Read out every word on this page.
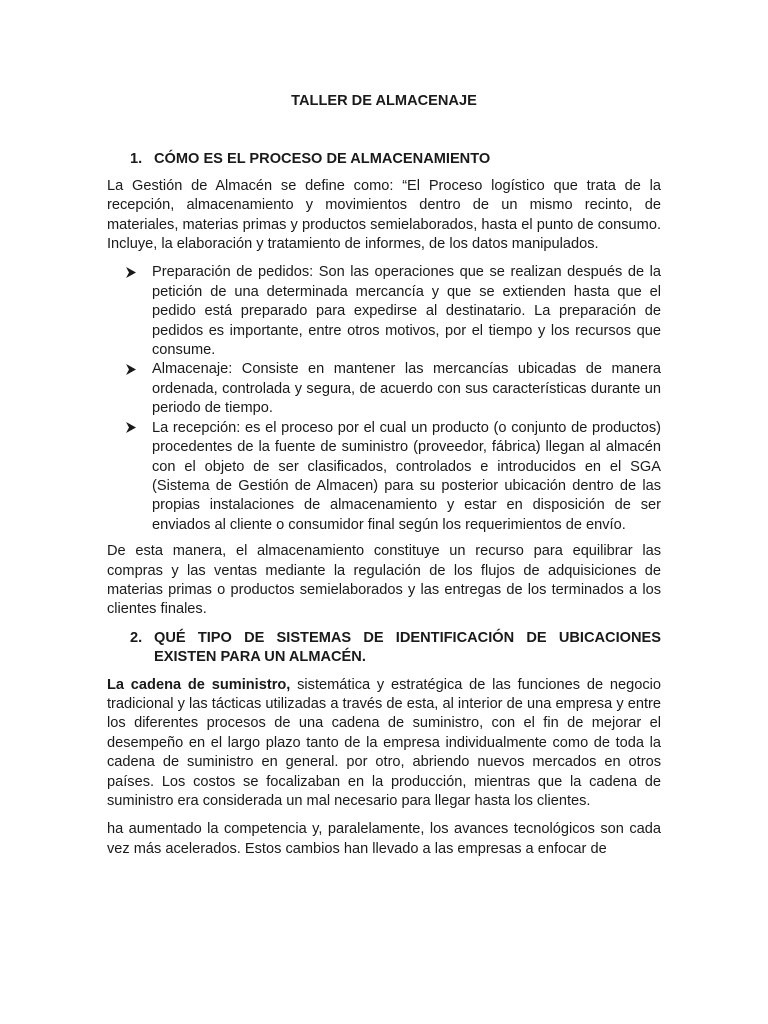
TALLER DE ALMACENAJE
1. CÓMO ES EL PROCESO DE ALMACENAMIENTO

La Gestión de Almacén se define como: “El Proceso logístico que trata de la recepción, almacenamiento y movimientos dentro de un mismo recinto, de materiales, materias primas y productos semielaborados, hasta el punto de consumo. Incluye, la elaboración y tratamiento de informes, de los datos manipulados.

Preparación de pedidos: Son las operaciones que se realizan después de la petición de una determinada mercancía y que se extienden hasta que el pedido está preparado para expedirse al destinatario. La preparación de pedidos es importante, entre otros motivos, por el tiempo y los recursos que consume.
Almacenaje: Consiste en mantener las mercancías ubicadas de manera ordenada, controlada y segura, de acuerdo con sus características durante un periodo de tiempo.
La recepción: es el proceso por el cual un producto (o conjunto de productos) procedentes de la fuente de suministro (proveedor, fábrica) llegan al almacén con el objeto de ser clasificados, controlados e introducidos en el SGA (Sistema de Gestión de Almacen) para su posterior ubicación dentro de las propias instalaciones de almacenamiento y estar en disposición de ser enviados al cliente o consumidor final según los requerimientos de envío.

De esta manera, el almacenamiento constituye un recurso para equilibrar las compras y las ventas mediante la regulación de los flujos de adquisiciones de materias primas o productos semielaborados y las entregas de los terminados a los clientes finales.

2. QUÉ TIPO DE SISTEMAS DE IDENTIFICACIÓN DE UBICACIONES EXISTEN PARA UN ALMACÉN.

La cadena de suministro, sistemática y estratégica de las funciones de negocio tradicional y las tácticas utilizadas a través de esta, al interior de una empresa y entre los diferentes procesos de una cadena de suministro, con el fin de mejorar el desempeño en el largo plazo tanto de la empresa individualmente como de toda la cadena de suministro en general. por otro, abriendo nuevos mercados en otros países. Los costos se focalizaban en la producción, mientras que la cadena de suministro era considerada un mal necesario para llegar hasta los clientes.

ha aumentado la competencia y, paralelamente, los avances tecnológicos son cada vez más acelerados. Estos cambios han llevado a las empresas a enfocar de
